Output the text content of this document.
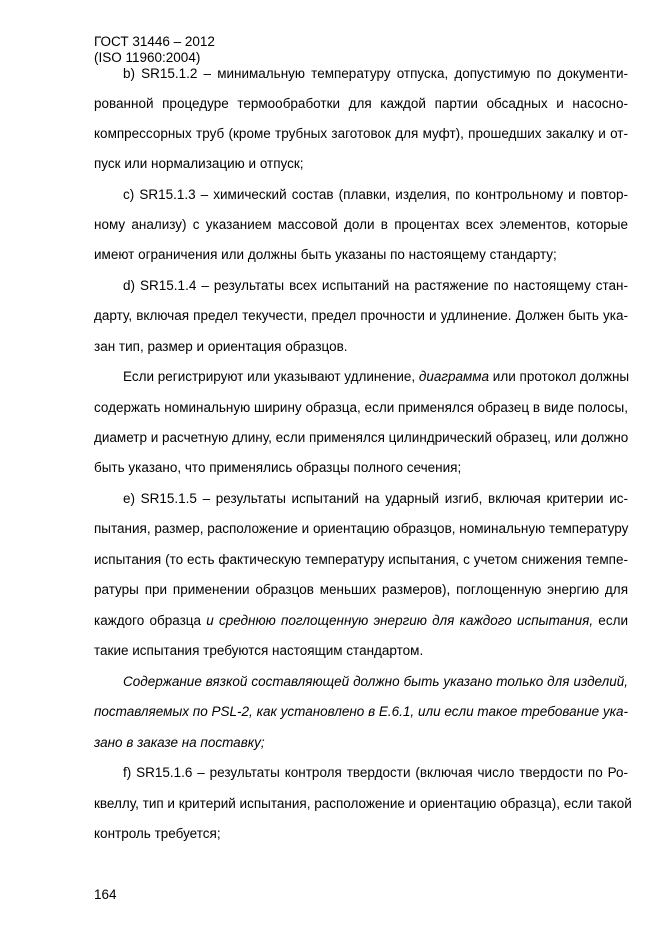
ГОСТ 31446 – 2012
(ISO 11960:2004)
b) SR15.1.2 – минимальную температуру отпуска, допустимую по документи-
рованной процедуре термообработки для каждой партии обсадных и насосно-
компрессорных труб (кроме трубных заготовок для муфт), прошедших закалку и от-
пуск или нормализацию и отпуск;
c) SR15.1.3 – химический состав (плавки, изделия, по контрольному и повтор-
ному анализу) с указанием массовой доли в процентах всех элементов, которые
имеют ограничения или должны быть указаны по настоящему стандарту;
d) SR15.1.4 – результаты всех испытаний на растяжение по настоящему стан-
дарту, включая предел текучести, предел прочности и удлинение. Должен быть ука-
зан тип, размер и ориентация образцов.
Если регистрируют или указывают удлинение, диаграмма или протокол должны
содержать номинальную ширину образца, если применялся образец в виде полосы,
диаметр и расчетную длину, если применялся цилиндрический образец, или должно
быть указано, что применялись образцы полного сечения;
e) SR15.1.5 – результаты испытаний на ударный изгиб, включая критерии ис-
пытания, размер, расположение и ориентацию образцов, номинальную температуру
испытания (то есть фактическую температуру испытания, с учетом снижения темпе-
ратуры при применении образцов меньших размеров), поглощенную энергию для
каждого образца и среднюю поглощенную энергию для каждого испытания, если
такие испытания требуются настоящим стандартом.
Содержание вязкой составляющей должно быть указано только для изделий,
поставляемых по PSL-2, как установлено в Е.6.1, или если такое требование ука-
зано в заказе на поставку;
f) SR15.1.6 – результаты контроля твердости (включая число твердости по Ро-
квеллу, тип и критерий испытания, расположение и ориентацию образца), если такой
контроль требуется;
164
